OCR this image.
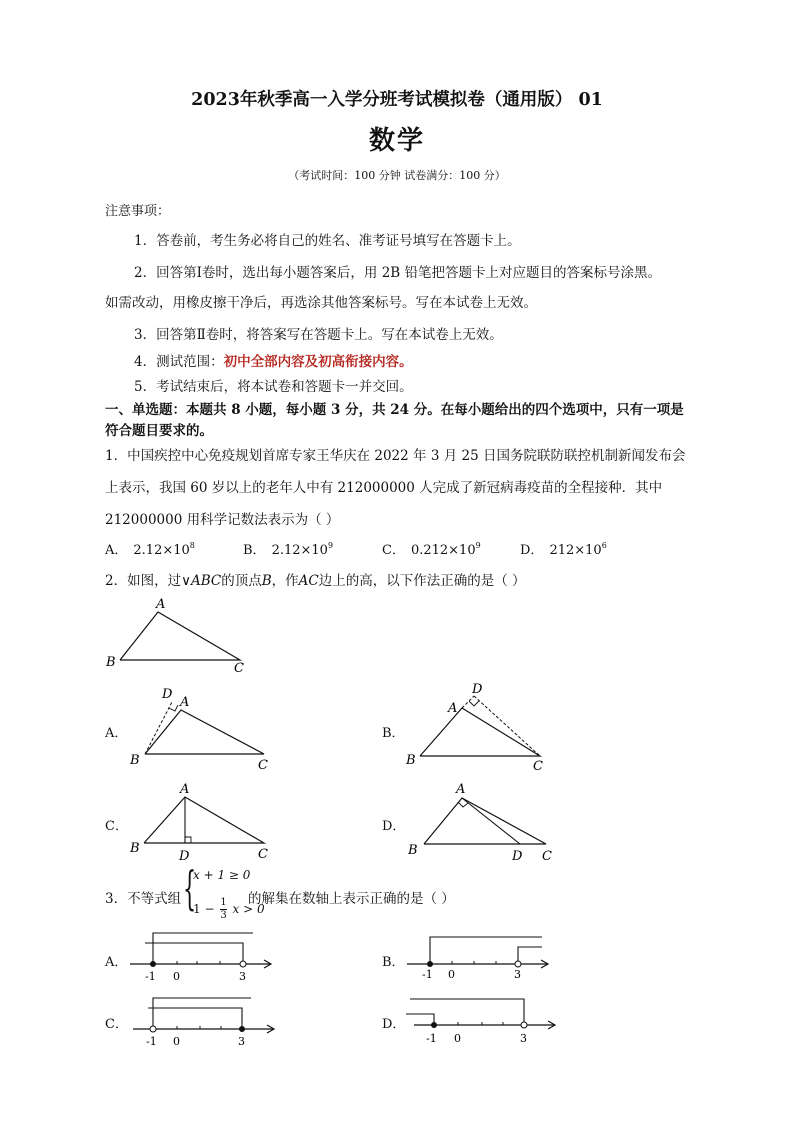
2023年秋季高一入学分班考试模拟卷（通用版） 01
数学
（考试时间：100 分钟 试卷满分：100 分）
注意事项：
1．答卷前，考生务必将自己的姓名、准考证号填写在答题卡上。
2．回答第Ⅰ卷时，选出每小题答案后，用 2B 铅笔把答题卡上对应题目的答案标号涂黑。
如需改动，用橡皮擦干净后，再选涂其他答案标号。写在本试卷上无效。
3．回答第Ⅱ卷时，将答案写在答题卡上。写在本试卷上无效。
4．测试范围：初中全部内容及初高衔接内容。
5．考试结束后，将本试卷和答题卡一并交回。
一、单选题：本题共 8 小题，每小题 3 分，共 24 分。在每小题给出的四个选项中，只有一项是
符合题目要求的。
1．中国疾控中心免疫规划首席专家王华庆在 2022 年 3 月 25 日国务院联防联控机制新闻发布会
上表示，我国 60 岁以上的老年人中有 212000000 人完成了新冠病毒疫苗的全程接种．其中
212000000 用科学记数法表示为（ ）
A． $2.12\times 10^8$	B． $2.12\times 10^9$	C． $0.212\times 10^9$	D． $212\times 10^6$
2．如图，过∨ABC的顶点B，作AC边上的高，以下作法正确的是（ ）
A
B	C
A．
D
A
B	C
B．
D
A
B	C
C．
A
B
D	C
D．
A
B	D C
3．不等式组 {
x + 1 ≥ 0
$1 - \frac{1}{3}$ x > 0
的解集在数轴上表示正确的是（ ）
A．
-1 0	3
B．
-1 0	3
C．
-1 0	3
D．
-1 0	3
